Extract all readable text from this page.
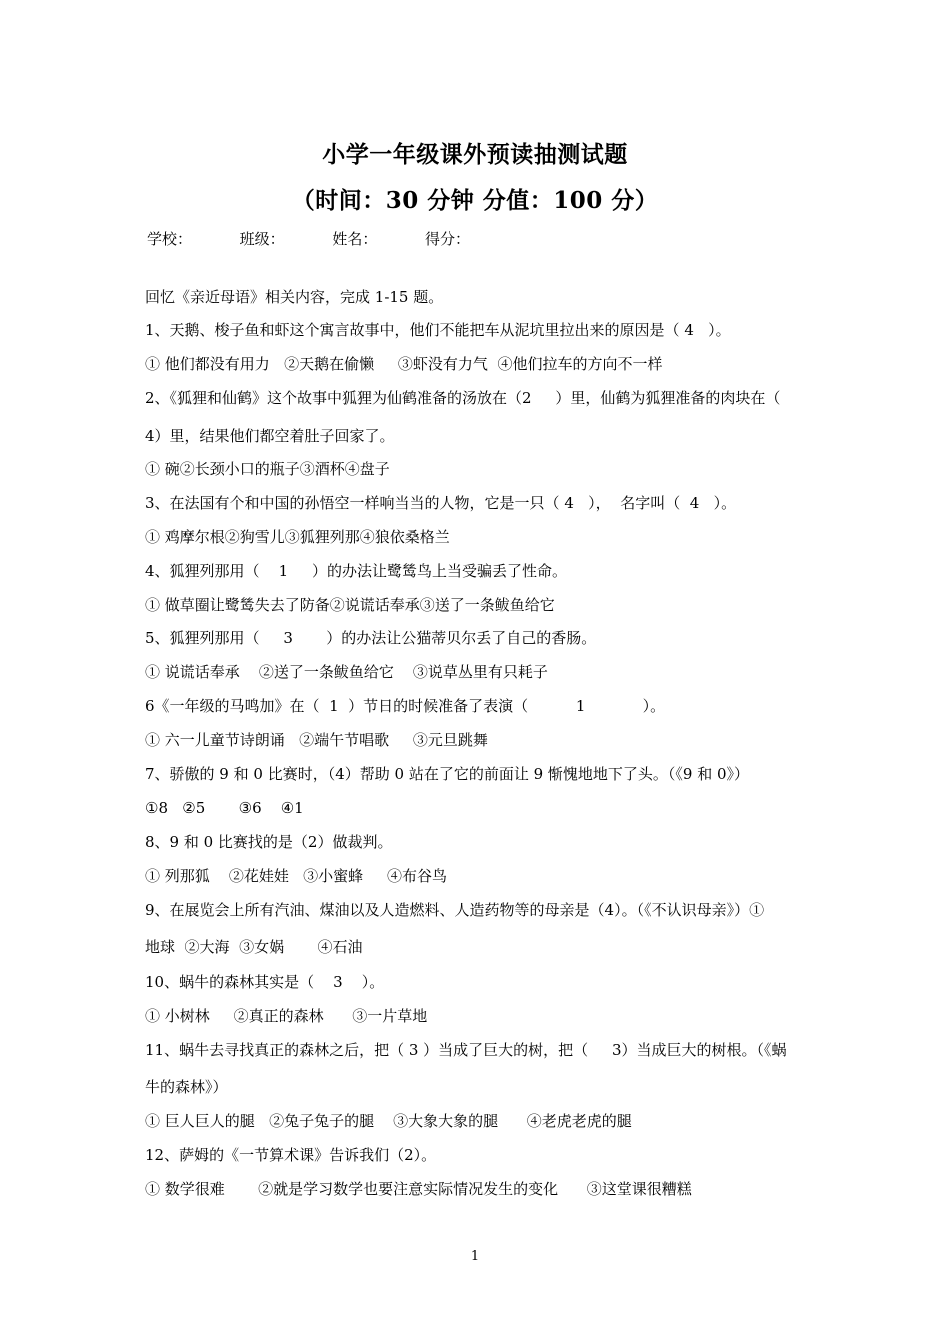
小学一年级课外预读抽测试题
（时间：30 分钟 分值：100 分）
学校：          班级：          姓名：          得分：
回忆《亲近母语》相关内容，完成 1-15 题。
1、天鹅、梭子鱼和虾这个寓言故事中，他们不能把车从泥坑里拉出来的原因是（ 4   ）。
① 他们都没有用力   ②天鹅在偷懒     ③虾没有力气  ④他们拉车的方向不一样
2、《狐狸和仙鹤》这个故事中狐狸为仙鹤准备的汤放在（2     ）里，仙鹤为狐狸准备的肉块在（
4）里，结果他们都空着肚子回家了。
① 碗②长颈小口的瓶子③酒杯④盘子
3、在法国有个和中国的孙悟空一样响当当的人物，它是一只（ 4   ），  名字叫（  4   ）。
① 鸡摩尔根②狗雪儿③狐狸列那④狼依桑格兰
4、狐狸列那用（    1     ）的办法让鹭鸶鸟上当受骗丢了性命。
① 做草圈让鹭鸶失去了防备②说谎话奉承③送了一条鲅鱼给它
5、狐狸列那用（     3       ）的办法让公猫蒂贝尔丢了自己的香肠。
① 说谎话奉承    ②送了一条鲅鱼给它    ③说草丛里有只耗子
6《一年级的马鸣加》在（  1  ）节日的时候准备了表演（          1            ）。
① 六一儿童节诗朗诵   ②端午节唱歌     ③元旦跳舞
7、骄傲的 9 和 0 比赛时，（4）帮助 0 站在了它的前面让 9 惭愧地地下了头。（《9 和 0》）
①8   ②5       ③6    ④1
8、9 和 0 比赛找的是（2）做裁判。
① 列那狐    ②花娃娃   ③小蜜蜂     ④布谷鸟
9、在展览会上所有汽油、煤油以及人造燃料、人造药物等的母亲是（4）。（《不认识母亲》）①
地球  ②大海  ③女娲       ④石油
10、蜗牛的森林其实是（    3    ）。
① 小树林     ②真正的森林      ③一片草地
11、蜗牛去寻找真正的森林之后，把（ 3 ）当成了巨大的树，把（     3）当成巨大的树根。（《蜗
牛的森林》）
① 巨人巨人的腿   ②兔子兔子的腿    ③大象大象的腿      ④老虎老虎的腿
12、萨姆的《一节算术课》告诉我们（2）。
① 数学很难       ②就是学习数学也要注意实际情况发生的变化      ③这堂课很糟糕
1
